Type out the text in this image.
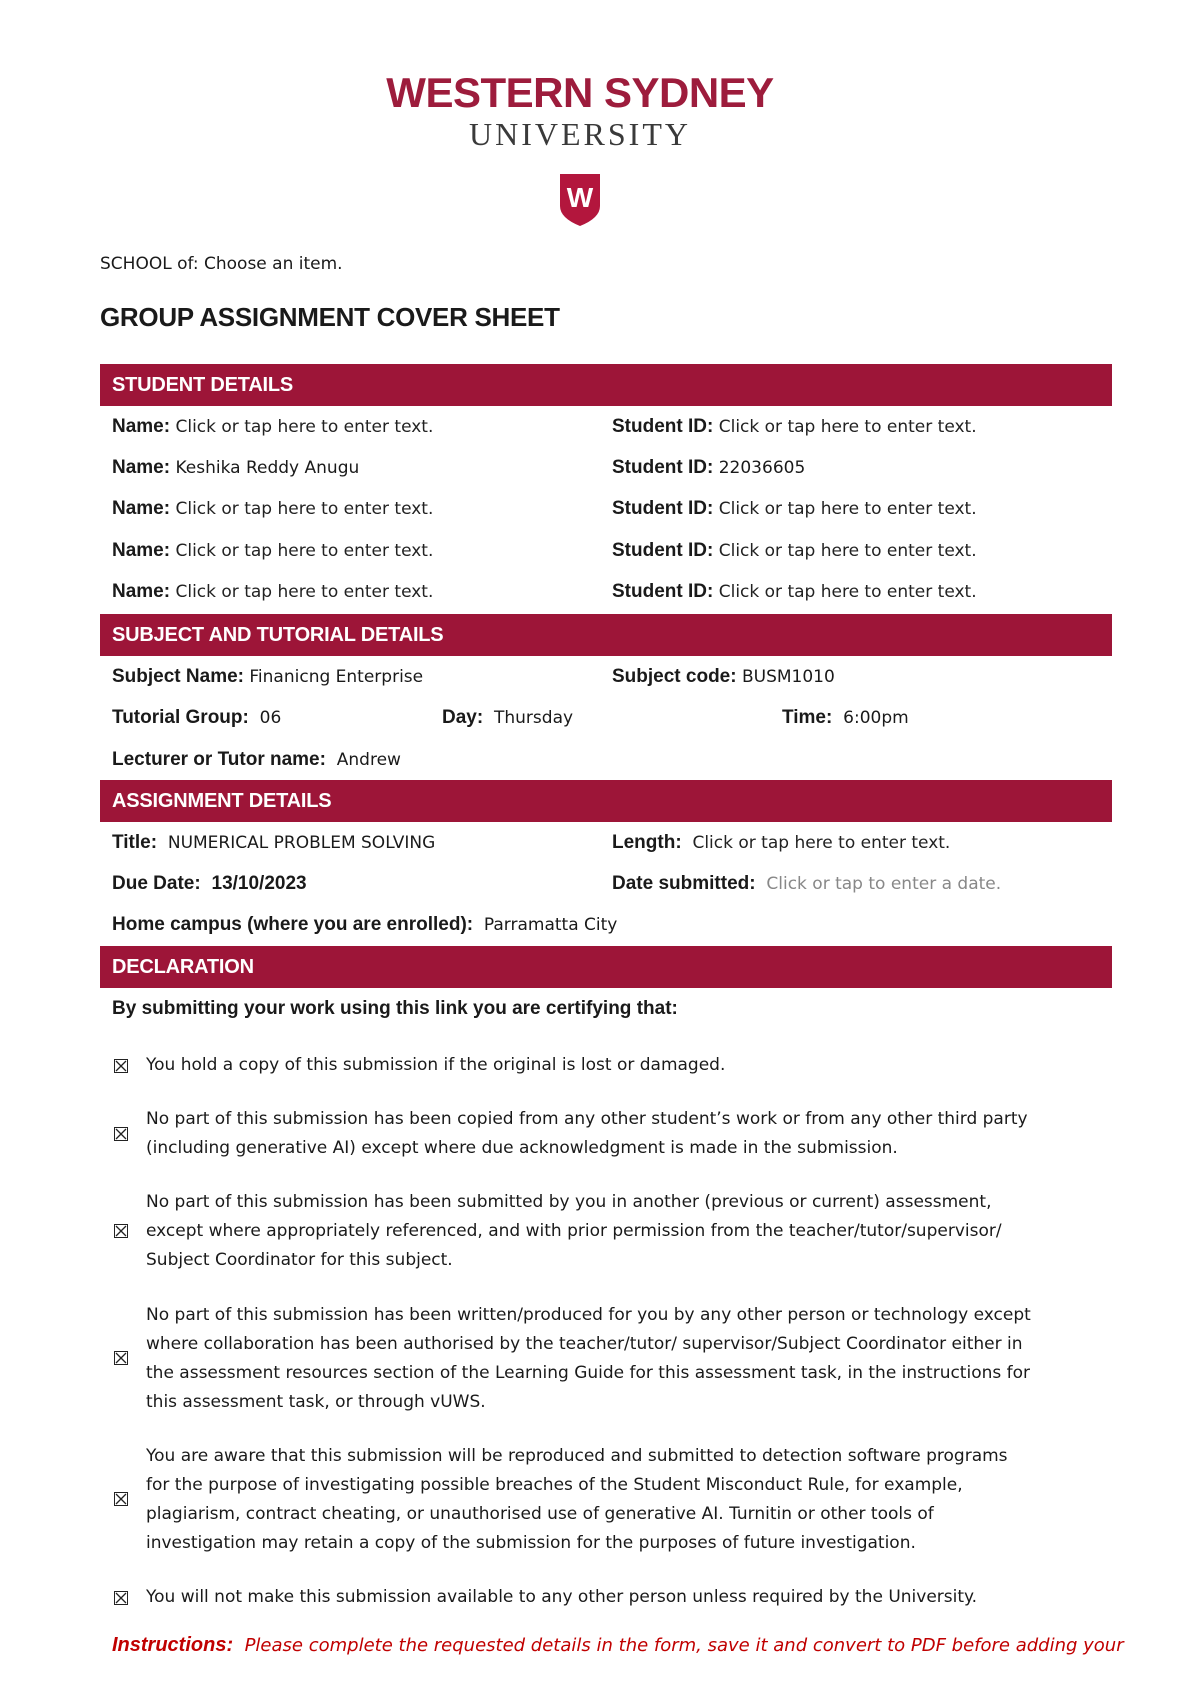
WESTERN SYDNEY
UNIVERSITY
W
SCHOOL of: Choose an item.
GROUP ASSIGNMENT COVER SHEET
STUDENT DETAILS
Name: Click or tap here to enter text.	Student ID: Click or tap here to enter text.
Name: Keshika Reddy Anugu	Student ID: 22036605
Name: Click or tap here to enter text.	Student ID: Click or tap here to enter text.
Name: Click or tap here to enter text.	Student ID: Click or tap here to enter text.
Name: Click or tap here to enter text.	Student ID: Click or tap here to enter text.
SUBJECT AND TUTORIAL DETAILS
Subject Name: Finanicng Enterprise	Subject code: BUSM1010
Tutorial Group: 06	Day: Thursday	Time: 6:00pm
Lecturer or Tutor name: Andrew
ASSIGNMENT DETAILS
Title: NUMERICAL PROBLEM SOLVING	Length: Click or tap here to enter text.
Due Date: 13/10/2023	Date submitted: Click or tap to enter a date.
Home campus (where you are enrolled): Parramatta City
DECLARATION
By submitting your work using this link you are certifying that:
You hold a copy of this submission if the original is lost or damaged.
No part of this submission has been copied from any other student’s work or from any other third party
(including generative AI) except where due acknowledgment is made in the submission.
No part of this submission has been submitted by you in another (previous or current) assessment,
except where appropriately referenced, and with prior permission from the teacher/tutor/supervisor/
Subject Coordinator for this subject.
No part of this submission has been written/produced for you by any other person or technology except
where collaboration has been authorised by the teacher/tutor/ supervisor/Subject Coordinator either in
the assessment resources section of the Learning Guide for this assessment task, in the instructions for
this assessment task, or through vUWS.
You are aware that this submission will be reproduced and submitted to detection software programs
for the purpose of investigating possible breaches of the Student Misconduct Rule, for example,
plagiarism, contract cheating, or unauthorised use of generative AI. Turnitin or other tools of
investigation may retain a copy of the submission for the purposes of future investigation.
You will not make this submission available to any other person unless required by the University.
Instructions: Please complete the requested details in the form, save it and convert to PDF before adding your
